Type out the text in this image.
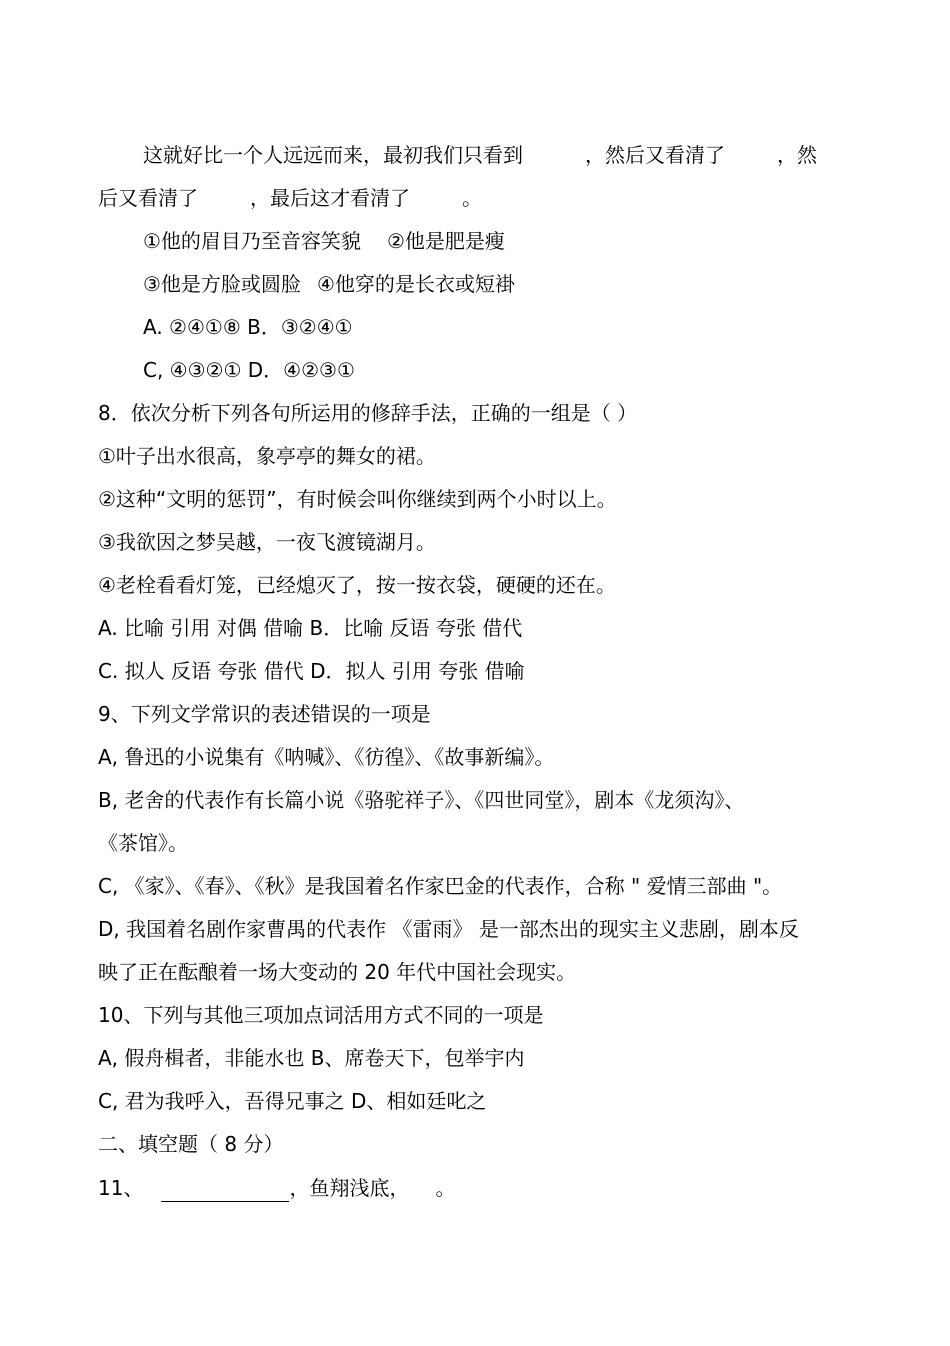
这就好比一个人远远而来，最初我们只看到	，然后又看清了	，然
后又看清了	，最后这才看清了	。
①他的眉目乃至音容笑貌 ②他是肥是瘦
③他是方脸或圆脸 ④他穿的是长衣或短褂
A. ②④①⑧ B．③②④①
C, ④③②① D．④②③①
8．依次分析下列各句所运用的修辞手法，正确的一组是（ ）
①叶子出水很高，象亭亭的舞女的裙。
②这种“文明的惩罚”，有时候会叫你继续到两个小时以上。
③我欲因之梦吴越，一夜飞渡镜湖月。
④老栓看看灯笼，已经熄灭了，按一按衣袋，硬硬的还在。
A. 比喻 引用 对偶 借喻 B．比喻 反语 夸张 借代
C. 拟人 反语 夸张 借代 D．拟人 引用 夸张 借喻
9、下列文学常识的表述错误的一项是
A, 鲁迅的小说集有《呐喊》、《彷徨》、《故事新编》。
B, 老舍的代表作有长篇小说《骆驼祥子》、《四世同堂》，剧本《龙须沟》、
《茶馆》。
C, 《家》、《春》、《秋》是我国着名作家巴金的代表作，合称 " 爱情三部曲 "。
D, 我国着名剧作家曹禺的代表作 《雷雨》 是一部杰出的现实主义悲剧，剧本反
映了正在酝酿着一场大变动的 20 年代中国社会现实。
10、下列与其他三项加点词活用方式不同的一项是
A, 假舟楫者，非能水也 B、席卷天下，包举宇内
C, 君为我呼入，吾得兄事之 D、相如廷叱之
二、填空题（ 8 分）
11、	，鱼翔浅底， 。
